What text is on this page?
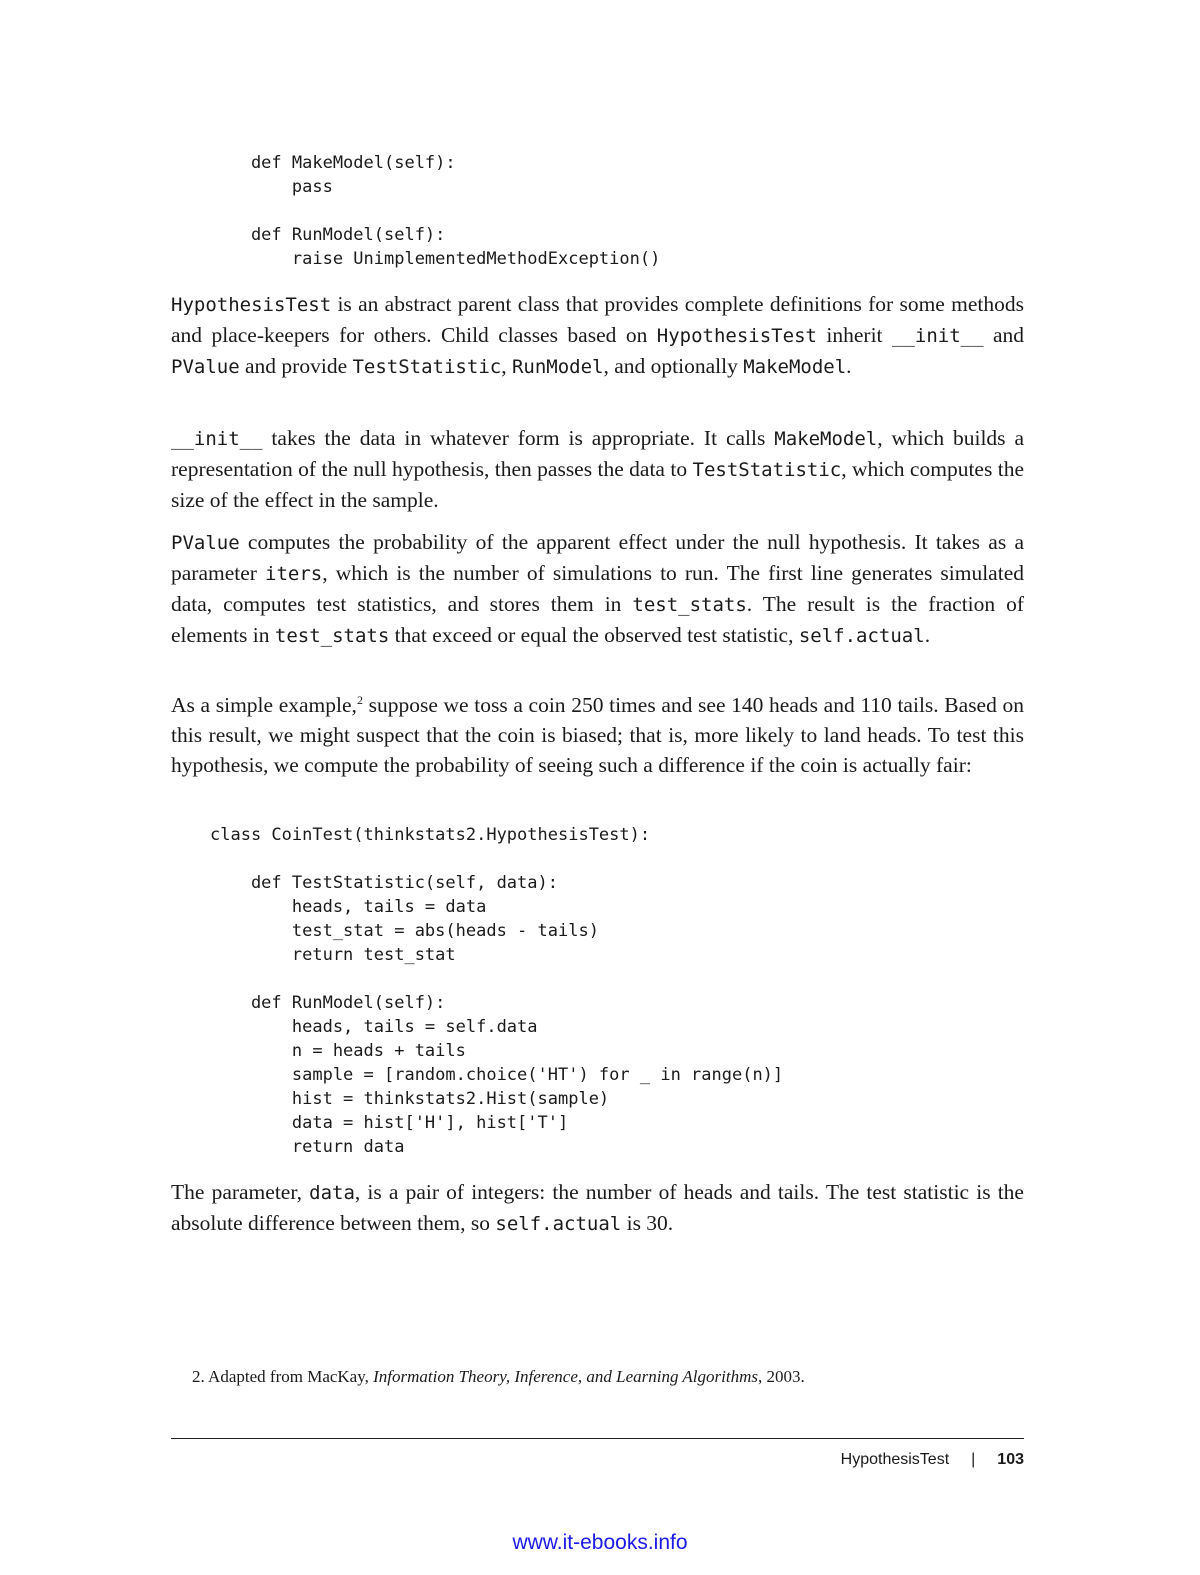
def MakeModel(self):
pass

def RunModel(self):
raise UnimplementedMethodException()

HypothesisTest is an abstract parent class that provides complete definitions for some methods and place-keepers for others. Child classes based on HypothesisTest inherit __init__ and PValue and provide TestStatistic, RunModel, and optionally MakeModel.

__init__ takes the data in whatever form is appropriate. It calls MakeModel, which builds a representation of the null hypothesis, then passes the data to TestStatistic, which computes the size of the effect in the sample.

PValue computes the probability of the apparent effect under the null hypothesis. It takes as a parameter iters, which is the number of simulations to run. The first line generates simulated data, computes test statistics, and stores them in test_stats. The result is the fraction of elements in test_stats that exceed or equal the observed test statistic, self.actual.

As a simple example,$^2$ suppose we toss a coin 250 times and see 140 heads and 110 tails. Based on this result, we might suspect that the coin is biased; that is, more likely to land heads. To test this hypothesis, we compute the probability of seeing such a difference if the coin is actually fair:

class CoinTest(thinkstats2.HypothesisTest):

def TestStatistic(self, data):
heads, tails = data
test_stat = abs(heads - tails)
return test_stat

def RunModel(self):
heads, tails = self.data
n = heads + tails
sample = [random.choice('HT') for _ in range(n)]
hist = thinkstats2.Hist(sample)
data = hist['H'], hist['T']
return data

The parameter, data, is a pair of integers: the number of heads and tails. The test statistic is the absolute difference between them, so self.actual is 30.

2. Adapted from MacKay, Information Theory, Inference, and Learning Algorithms, 2003.
HypothesisTest | 103
www.it-ebooks.info
